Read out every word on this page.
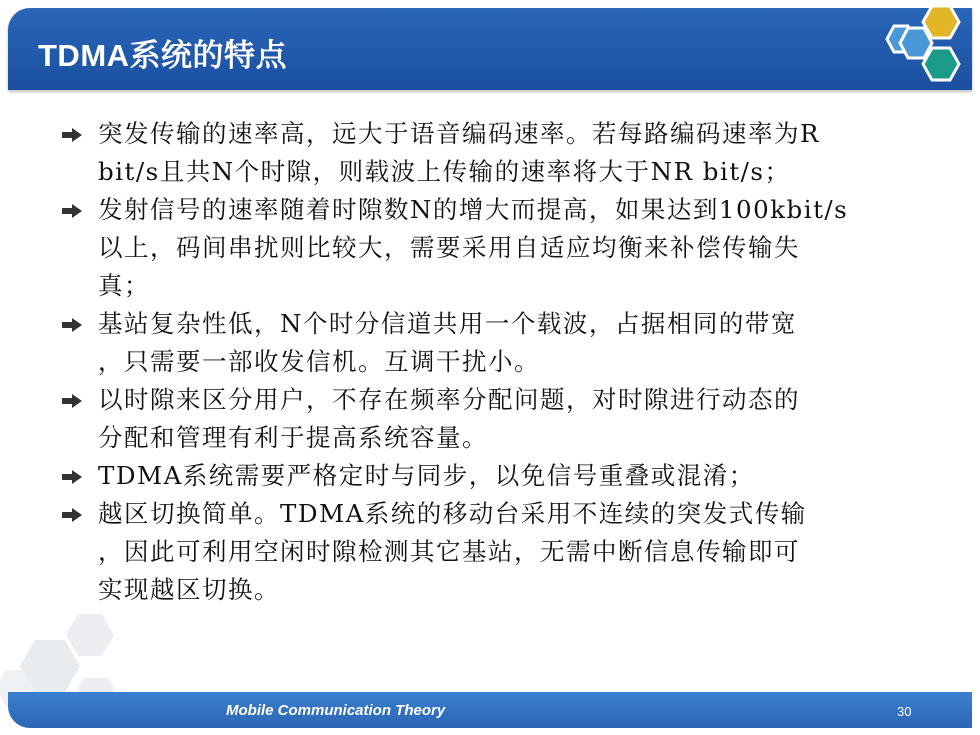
TDMA系统的特点
突发传输的速率高，远大于语音编码速率。若每路编码速率为R
bit/s且共N个时隙，则载波上传输的速率将大于NR bit/s；
发射信号的速率随着时隙数N的增大而提高，如果达到100kbit/s
以上，码间串扰则比较大，需要采用自适应均衡来补偿传输失
真；
基站复杂性低，N个时分信道共用一个载波，占据相同的带宽
，只需要一部收发信机。互调干扰小。
以时隙来区分用户，不存在频率分配问题，对时隙进行动态的
分配和管理有利于提高系统容量。
TDMA系统需要严格定时与同步，以免信号重叠或混淆；
越区切换简单。TDMA系统的移动台采用不连续的突发式传输
，因此可利用空闲时隙检测其它基站，无需中断信息传输即可
实现越区切换。
Mobile Communication Theory	30
